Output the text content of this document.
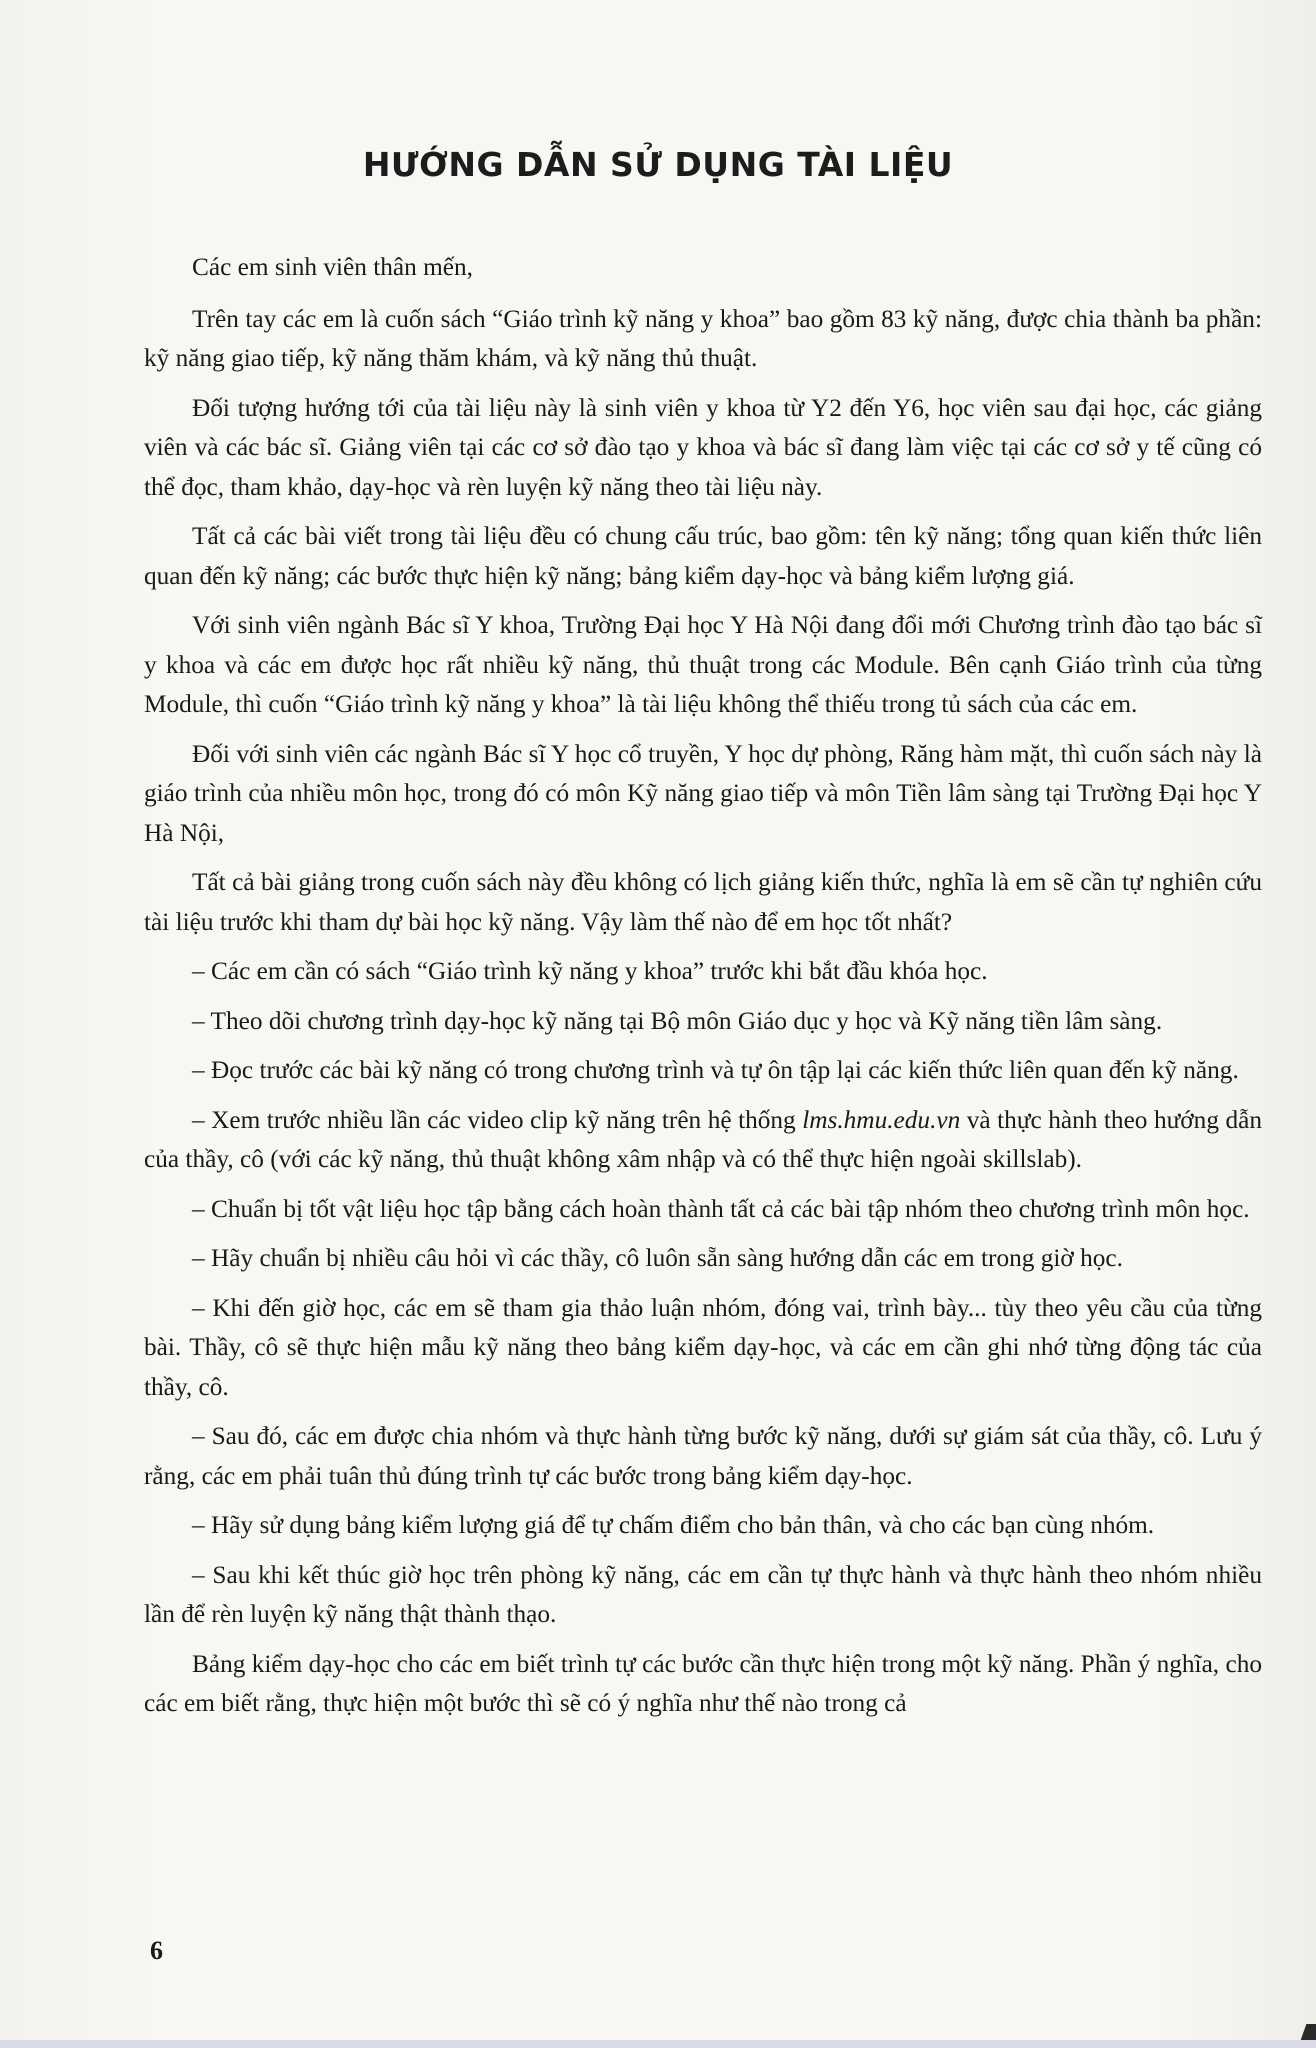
HƯỚNG DẪN SỬ DỤNG TÀI LIỆU

Các em sinh viên thân mến,

Trên tay các em là cuốn sách “Giáo trình kỹ năng y khoa” bao gồm 83 kỹ năng, được chia thành ba phần: kỹ năng giao tiếp, kỹ năng thăm khám, và kỹ năng thủ thuật.

Đối tượng hướng tới của tài liệu này là sinh viên y khoa từ Y2 đến Y6, học viên sau đại học, các giảng viên và các bác sĩ. Giảng viên tại các cơ sở đào tạo y khoa và bác sĩ đang làm việc tại các cơ sở y tế cũng có thể đọc, tham khảo, dạy-học và rèn luyện kỹ năng theo tài liệu này.

Tất cả các bài viết trong tài liệu đều có chung cấu trúc, bao gồm: tên kỹ năng; tổng quan kiến thức liên quan đến kỹ năng; các bước thực hiện kỹ năng; bảng kiểm dạy-học và bảng kiểm lượng giá.

Với sinh viên ngành Bác sĩ Y khoa, Trường Đại học Y Hà Nội đang đổi mới Chương trình đào tạo bác sĩ y khoa và các em được học rất nhiều kỹ năng, thủ thuật trong các Module. Bên cạnh Giáo trình của từng Module, thì cuốn “Giáo trình kỹ năng y khoa” là tài liệu không thể thiếu trong tủ sách của các em.

Đối với sinh viên các ngành Bác sĩ Y học cổ truyền, Y học dự phòng, Răng hàm mặt, thì cuốn sách này là giáo trình của nhiều môn học, trong đó có môn Kỹ năng giao tiếp và môn Tiền lâm sàng tại Trường Đại học Y Hà Nội,

Tất cả bài giảng trong cuốn sách này đều không có lịch giảng kiến thức, nghĩa là em sẽ cần tự nghiên cứu tài liệu trước khi tham dự bài học kỹ năng. Vậy làm thế nào để em học tốt nhất?

– Các em cần có sách “Giáo trình kỹ năng y khoa” trước khi bắt đầu khóa học.

– Theo dõi chương trình dạy-học kỹ năng tại Bộ môn Giáo dục y học và Kỹ năng tiền lâm sàng.

– Đọc trước các bài kỹ năng có trong chương trình và tự ôn tập lại các kiến thức liên quan đến kỹ năng.

– Xem trước nhiều lần các video clip kỹ năng trên hệ thống lms.hmu.edu.vn và thực hành theo hướng dẫn của thầy, cô (với các kỹ năng, thủ thuật không xâm nhập và có thể thực hiện ngoài skillslab).

– Chuẩn bị tốt vật liệu học tập bằng cách hoàn thành tất cả các bài tập nhóm theo chương trình môn học.

– Hãy chuẩn bị nhiều câu hỏi vì các thầy, cô luôn sẵn sàng hướng dẫn các em trong giờ học.

– Khi đến giờ học, các em sẽ tham gia thảo luận nhóm, đóng vai, trình bày... tùy theo yêu cầu của từng bài. Thầy, cô sẽ thực hiện mẫu kỹ năng theo bảng kiểm dạy-học, và các em cần ghi nhớ từng động tác của thầy, cô.

– Sau đó, các em được chia nhóm và thực hành từng bước kỹ năng, dưới sự giám sát của thầy, cô. Lưu ý rằng, các em phải tuân thủ đúng trình tự các bước trong bảng kiểm dạy-học.

– Hãy sử dụng bảng kiểm lượng giá để tự chấm điểm cho bản thân, và cho các bạn cùng nhóm.

– Sau khi kết thúc giờ học trên phòng kỹ năng, các em cần tự thực hành và thực hành theo nhóm nhiều lần để rèn luyện kỹ năng thật thành thạo.

Bảng kiểm dạy-học cho các em biết trình tự các bước cần thực hiện trong một kỹ năng. Phần ý nghĩa, cho các em biết rằng, thực hiện một bước thì sẽ có ý nghĩa như thế nào trong cả

6
